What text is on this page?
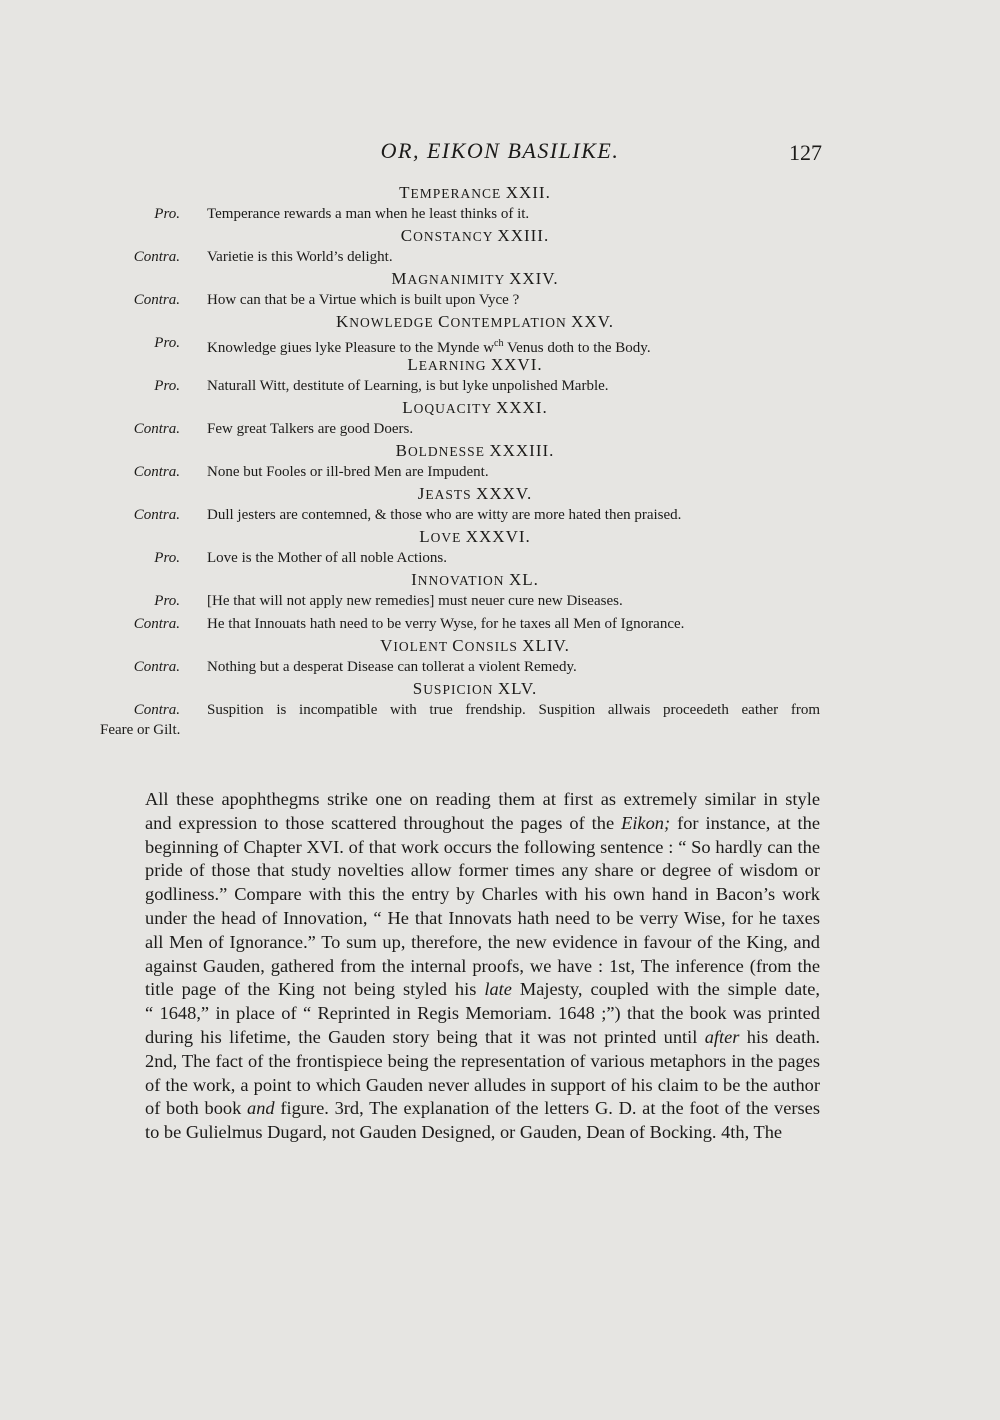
OR, EIKON BASILIKE.	127
TEMPERANCE XXII.
Pro. Temperance rewards a man when he least thinks of it.
CONSTANCY XXIII.
Contra. Varietie is this World’s delight.
MAGNANIMITY XXIV.
Contra. How can that be a Virtue which is built upon Vyce ?
KNOWLEDGE CONTEMPLATION XXV.
Pro. Knowledge giues lyke Pleasure to the Mynde $w^{ch}$ Venus doth to the Body.
LEARNING XXVI.
Pro. Naturall Witt, destitute of Learning, is but lyke unpolished Marble.
LOQUACITY XXXI.
Contra. Few great Talkers are good Doers.
BOLDNESSE XXXIII.
Contra. None but Fooles or ill-bred Men are Impudent.
JEASTS XXXV.
Contra. Dull jesters are contemned, & those who are witty are more hated then praised.
LOVE XXXVI.
Pro. Love is the Mother of all noble Actions.
INNOVATION XL.
Pro. [He that will not apply new remedies] must neuer cure new Diseases.
Contra. He that Innouats hath need to be verry Wyse, for he taxes all Men of Ignorance.
VIOLENT CONSILS XLIV.
Contra. Nothing but a desperat Disease can tollerat a violent Remedy.
SUSPICION XLV.
Contra. Suspition is incompatible with true frendship. Suspition allwais proceedeth eather from
Feare or Gilt.
All these apophthegms strike one on reading them at first as extremely similar in style
and expression to those scattered throughout the pages of the Eikon; for instance, at the
beginning of Chapter XVI. of that work occurs the following sentence : “ So hardly can the
pride of those that study novelties allow former times any share or degree of wisdom or
godliness.” Compare with this the entry by Charles with his own hand in Bacon’s work
under the head of Innovation, “ He that Innovats hath need to be verry Wise, for he taxes
all Men of Ignorance.” To sum up, therefore, the new evidence in favour of the King, and
against Gauden, gathered from the internal proofs, we have : 1st, The inference (from the
title page of the King not being styled his late Majesty, coupled with the simple date,
“ 1648,” in place of “ Reprinted in Regis Memoriam. 1648 ;”) that the book was printed
during his lifetime, the Gauden story being that it was not printed until after his death.
2nd, The fact of the frontispiece being the representation of various metaphors in the pages
of the work, a point to which Gauden never alludes in support of his claim to be the author
of both book and figure. 3rd, The explanation of the letters G. D. at the foot of the verses
to be Gulielmus Dugard, not Gauden Designed, or Gauden, Dean of Bocking. 4th, The
